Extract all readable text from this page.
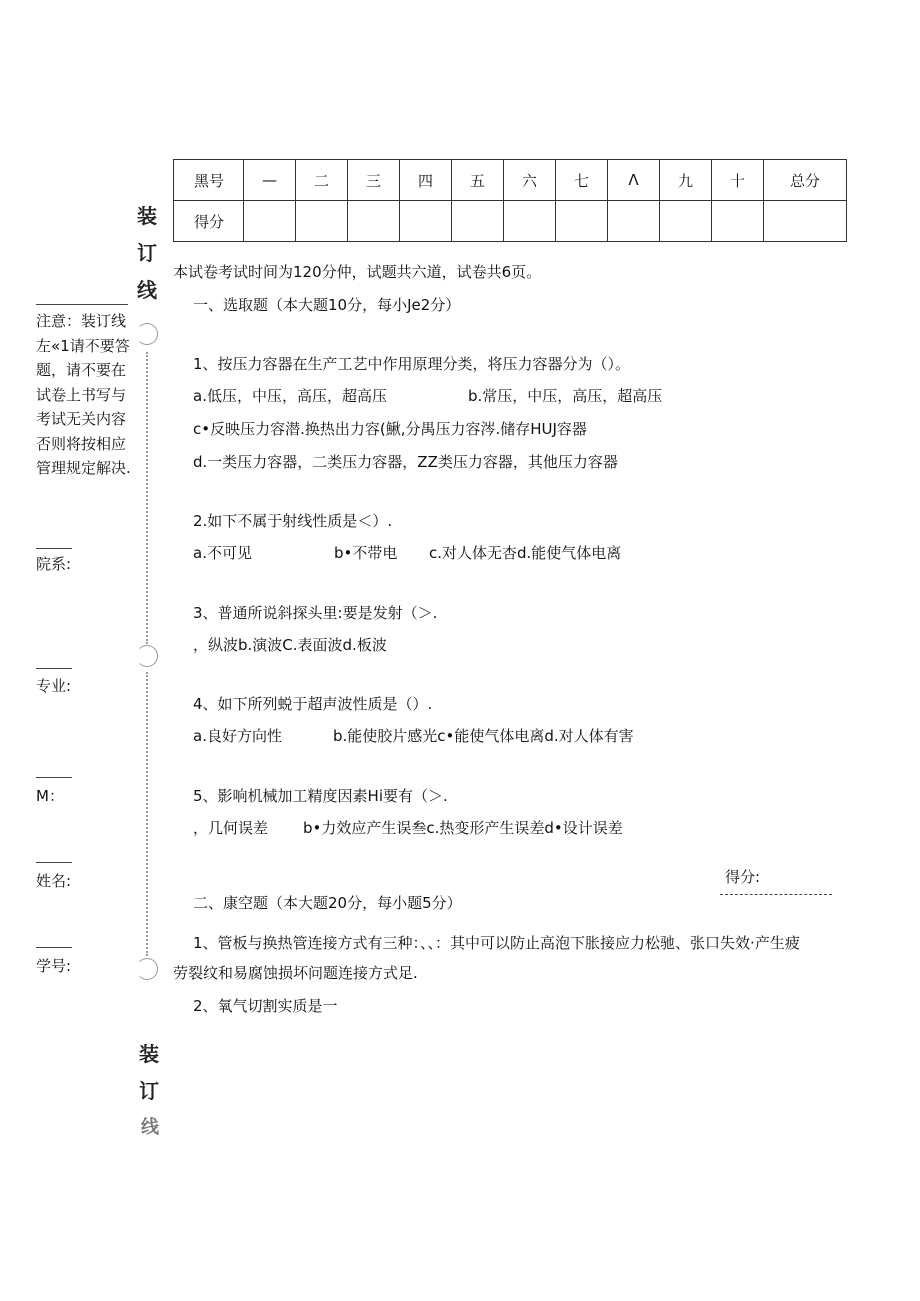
黑号	—	二	三	四	五	六	七	Λ	九	十	总分
得分											
装
订
线
装
订
线
注意：装订线左«1请不要答题，请不要在试卷上书写与考试无关内容否则将按相应管理规定解决.
院系:
专业:
M：
姓名:
学号:
本试卷考试时间为120分仲，试题共六道，试卷共6页。
一、选取题（本大题10分，每小Je2分）
1、按压力容器在生产工艺中作用原理分类，将压力容器分为（）。
a.低压，中压，高压，超高压	b.常压，中压，高压，超高压
c•反映压力容潜.换热出力容(鰍,分禺压力容涔.储存HUJ容器
d.一类压力容器，二类压力容器，ZZ类压力容器，其他压力容器
2.如下不属于射线性质是＜）.
a.不可见	b•不带电 c.对人体无杏d.能使气体电离
3、普通所说斜探头里:要是发射（＞.
，纵波b.演波C.表面波d.板波
4、如下所列蜕于超声波性质是（）.
a.良好方向性	b.能使胶片感光c•能使气体电离d.对人体有害
5、影响机械加工精度因素Hi要有（＞.
，几何误差 b•力效应产生误叁c.热变形产生误差d•设计误差
得分:
二、康空题（本大题20分，每小题5分）
1、管板与换热管连接方式有三种：、、：其中可以防止高泡下胀接应力松驰、张口失效·产生疲
劳裂纹和易腐蚀损坏问题连接方式足.
2、氧气切割实质是一
